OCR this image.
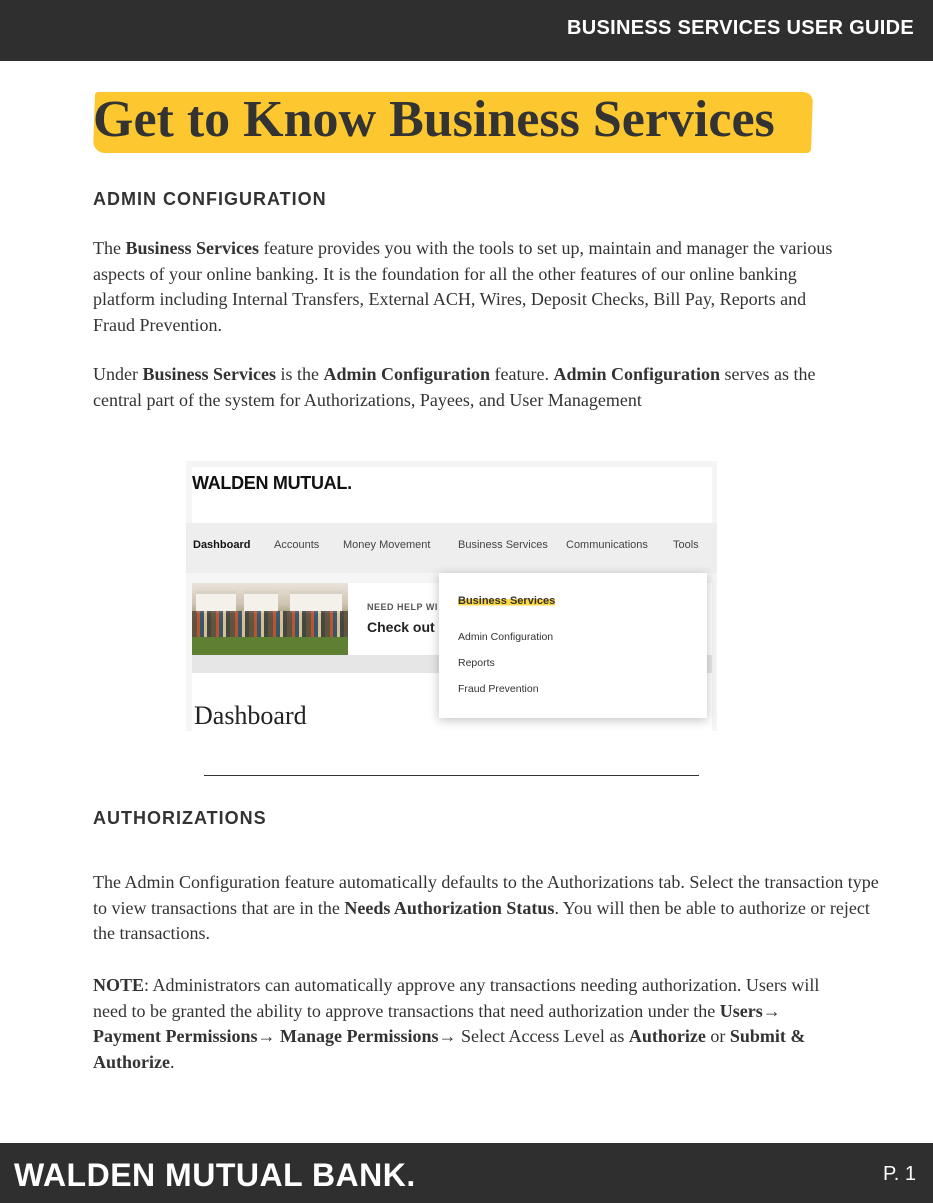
BUSINESS SERVICES USER GUIDE
Get to Know Business Services
ADMIN CONFIGURATION

The Business Services feature provides you with the tools to set up, maintain and manager the various aspects of your online banking. It is the foundation for all the other features of our online banking platform including Internal Transfers, External ACH, Wires, Deposit Checks, Bill Pay, Reports and Fraud Prevention.

Under Business Services is the Admin Configuration feature. Admin Configuration serves as the central part of the system for Authorizations, Payees, and User Management

WALDEN MUTUAL.
Dashboard Accounts Money Movement	Business Services Communications Tools
NEED HELP WI
Check out
Dashboard
Business Services
Admin Configuration
Reports
Fraud Prevention
AUTHORIZATIONS

The Admin Configuration feature automatically defaults to the Authorizations tab. Select the transaction type to view transactions that are in the Needs Authorization Status. You will then be able to authorize or reject the transactions.

NOTE: Administrators can automatically approve any transactions needing authorization. Users will need to be granted the ability to approve transactions that need authorization under the Users→ Payment Permissions→ Manage Permissions→ Select Access Level as Authorize or Submit & Authorize.

WALDEN MUTUAL BANK.	P. 1
